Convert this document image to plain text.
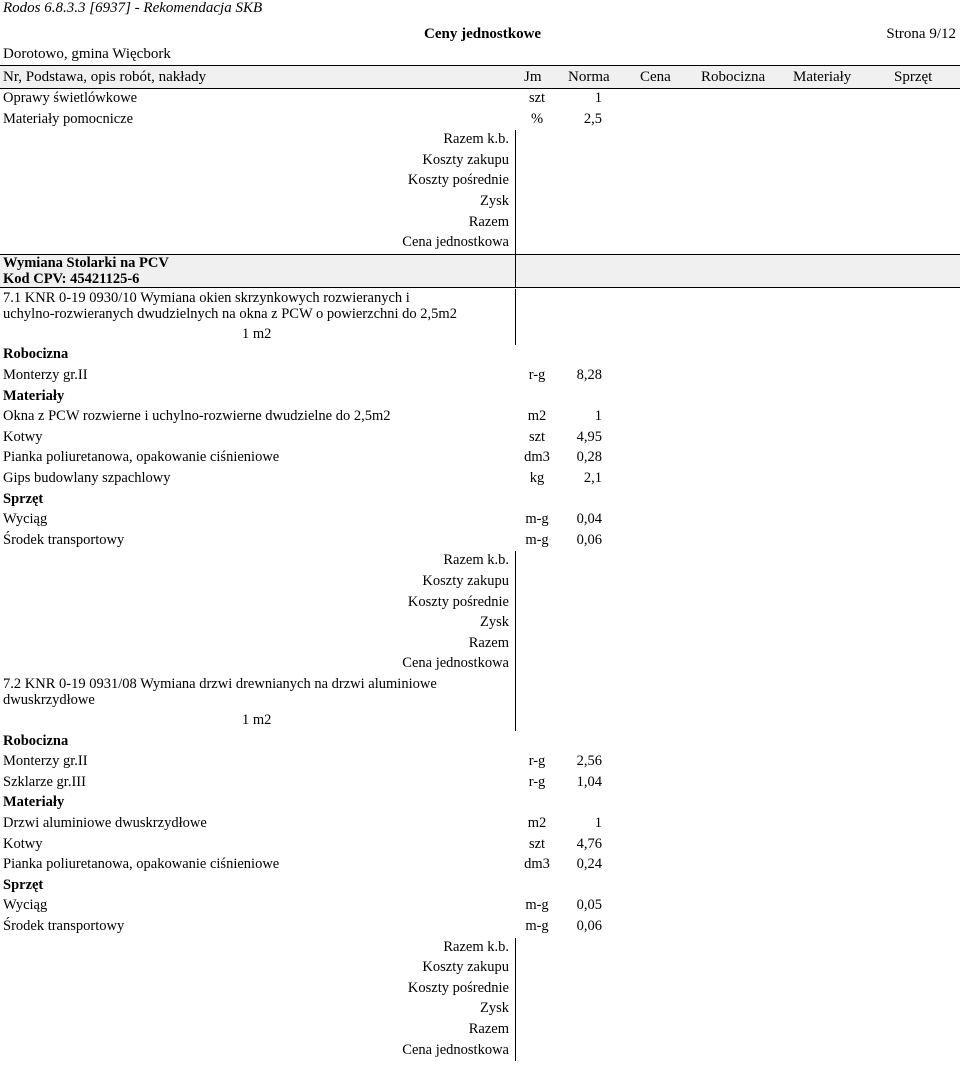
Rodos 6.8.3.3 [6937] - Rekomendacja SKB
Ceny jednostkowe	Strona 9/12
Dorotowo, gmina Więcbork
Nr, Podstawa, opis robót, nakłady	Jm Norma Cena Robocizna Materiały	Sprzęt
Oprawy świetlówkowe	szt	1
Materiały pomocnicze	%	2,5
Razem k.b.
Koszty zakupu
Koszty pośrednie
Zysk
Razem
Cena jednostkowa
Wymiana Stolarki na PCV
Kod CPV: 45421125-6
7.1 KNR 0-19 0930/10 Wymiana okien skrzynkowych rozwieranych i
uchylno-rozwieranych dwudzielnych na okna z PCW o powierzchni do 2,5m2
1 m2
Robocizna
Monterzy gr.II	r-g	8,28
Materiały
Okna z PCW rozwierne i uchylno-rozwierne dwudzielne do 2,5m2	m2	1
Kotwy	szt	4,95
Pianka poliuretanowa, opakowanie ciśnieniowe	dm3	0,28
Gips budowlany szpachlowy	kg	2,1
Sprzęt
Wyciąg	m-g	0,04
Środek transportowy	m-g	0,06
Razem k.b.
Koszty zakupu
Koszty pośrednie
Zysk
Razem
Cena jednostkowa
7.2 KNR 0-19 0931/08 Wymiana drzwi drewnianych na drzwi aluminiowe
dwuskrzydłowe
1 m2
Robocizna
Monterzy gr.II	r-g	2,56
Szklarze gr.III	r-g	1,04
Materiały
Drzwi aluminiowe dwuskrzydłowe	m2	1
Kotwy	szt	4,76
Pianka poliuretanowa, opakowanie ciśnieniowe	dm3	0,24
Sprzęt
Wyciąg	m-g	0,05
Środek transportowy	m-g	0,06
Razem k.b.
Koszty zakupu
Koszty pośrednie
Zysk
Razem
Cena jednostkowa
